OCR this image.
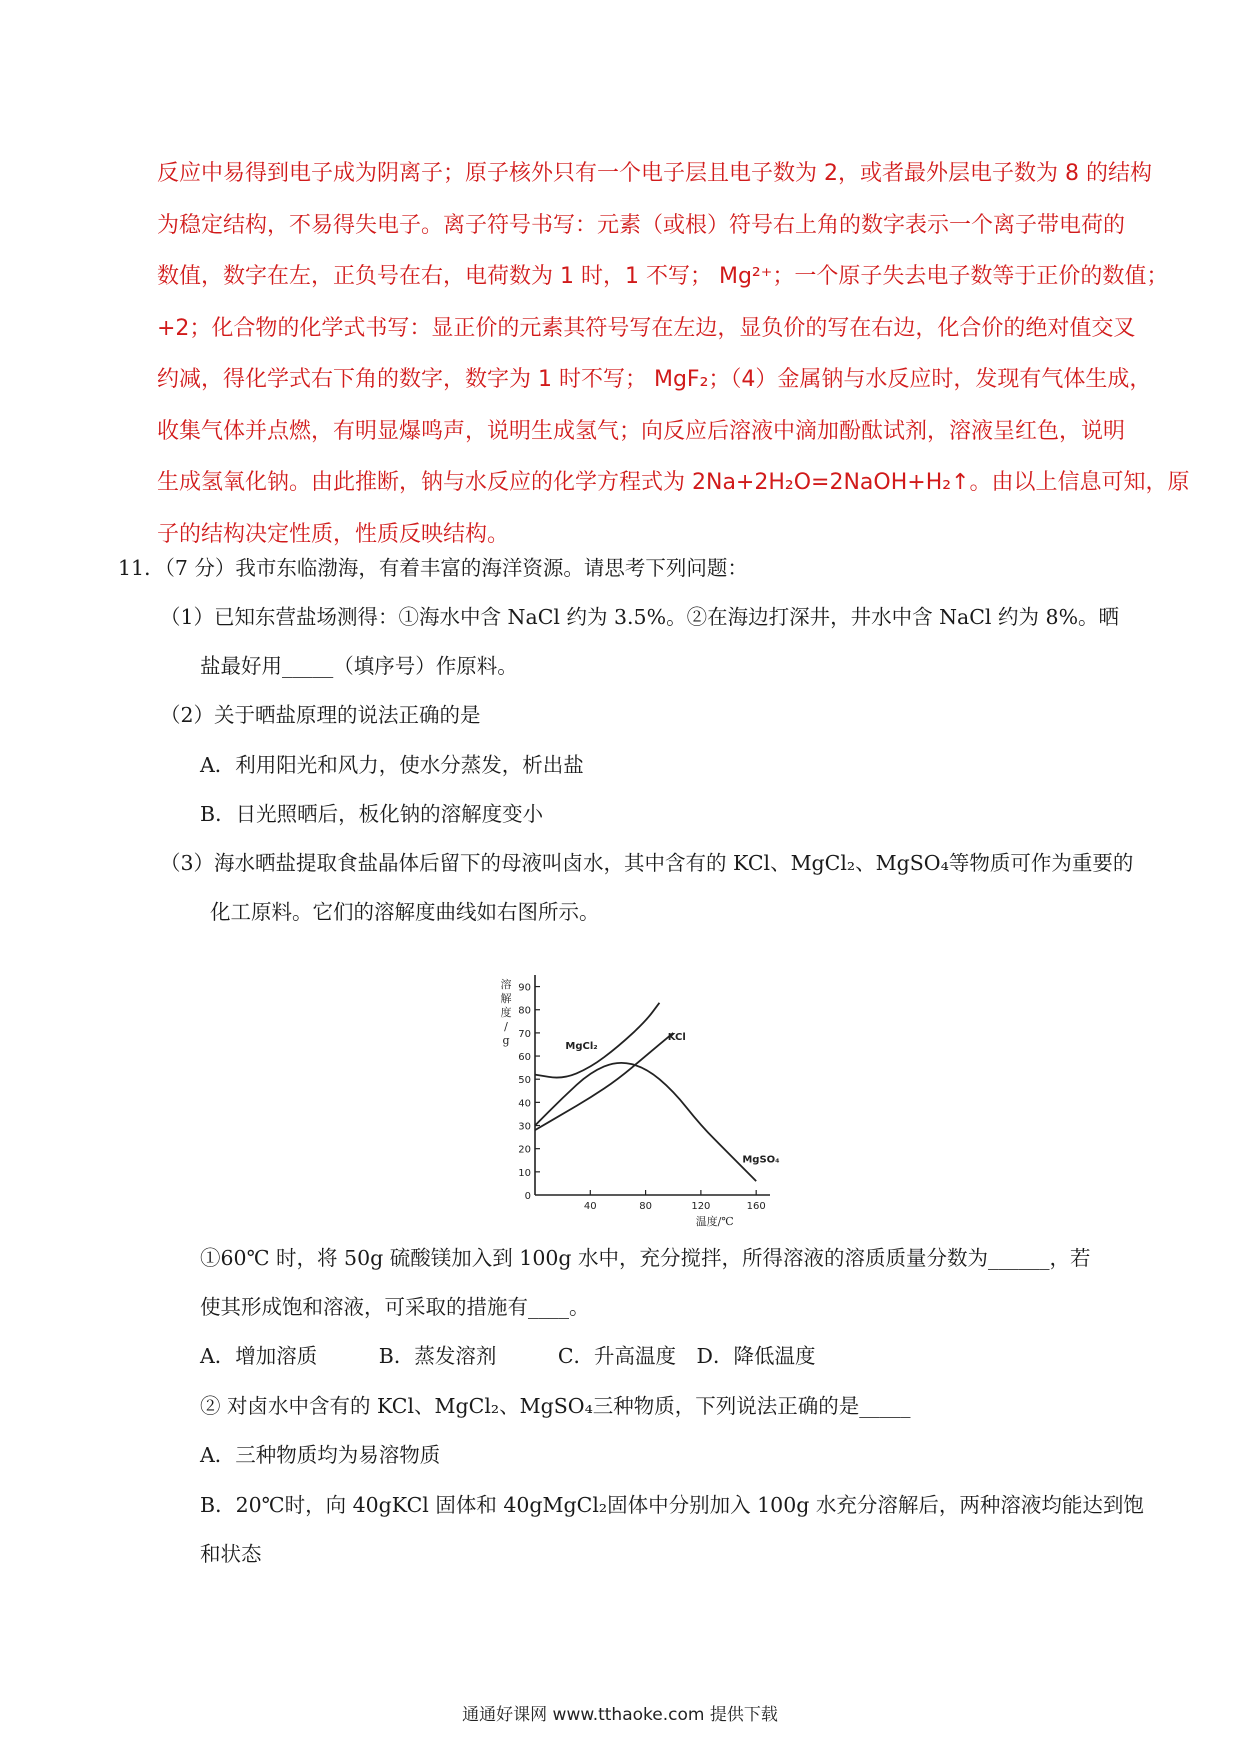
反应中易得到电子成为阴离子；原子核外只有一个电子层且电子数为 2，或者最外层电子数为 8 的结构
为稳定结构，不易得失电子。离子符号书写：元素（或根）符号右上角的数字表示一个离子带电荷的
数值，数字在左，正负号在右，电荷数为 1 时，1 不写； Mg²⁺；一个原子失去电子数等于正价的数值；
+2；化合物的化学式书写：显正价的元素其符号写在左边，显负价的写在右边，化合价的绝对值交叉
约减，得化学式右下角的数字，数字为 1 时不写； MgF₂；（4）金属钠与水反应时，发现有气体生成，
收集气体并点燃，有明显爆鸣声，说明生成氢气；向反应后溶液中滴加酚酞试剂，溶液呈红色，说明
生成氢氧化钠。由此推断，钠与水反应的化学方程式为 2Na+2H₂O=2NaOH+H₂↑。由以上信息可知，原
子的结构决定性质，性质反映结构。
11．（7 分）我市东临渤海，有着丰富的海洋资源。请思考下列问题：
（1）已知东营盐场测得：①海水中含 NaCl 约为 3.5%。②在海边打深井，井水中含 NaCl 约为 8%。晒
盐最好用_____（填序号）作原料。
（2）关于晒盐原理的说法正确的是
A．利用阳光和风力，使水分蒸发，析出盐
B．日光照晒后，板化钠的溶解度变小
（3）海水晒盐提取食盐晶体后留下的母液叫卤水，其中含有的 KCl、MgCl₂、MgSO₄等物质可作为重要的
化工原料。它们的溶解度曲线如右图所示。
10
20
30
40
50
60
70
80
90
40	80	120	160
0
溶
解
度
/
g
温度/℃
MgCl₂
KCl
MgSO₄
①60℃ 时，将 50g 硫酸镁加入到 100g 水中，充分搅拌，所得溶液的溶质质量分数为______，若
使其形成饱和溶液，可采取的措施有____。
A．增加溶质　　　B．蒸发溶剂　　　C．升高温度　D．降低温度
② 对卤水中含有的 KCl、MgCl₂、MgSO₄三种物质，下列说法正确的是_____
A．三种物质均为易溶物质
B．20℃时，向 40gKCl 固体和 40gMgCl₂固体中分别加入 100g 水充分溶解后，两种溶液均能达到饱
和状态
通通好课网 www.tthaoke.com 提供下载
